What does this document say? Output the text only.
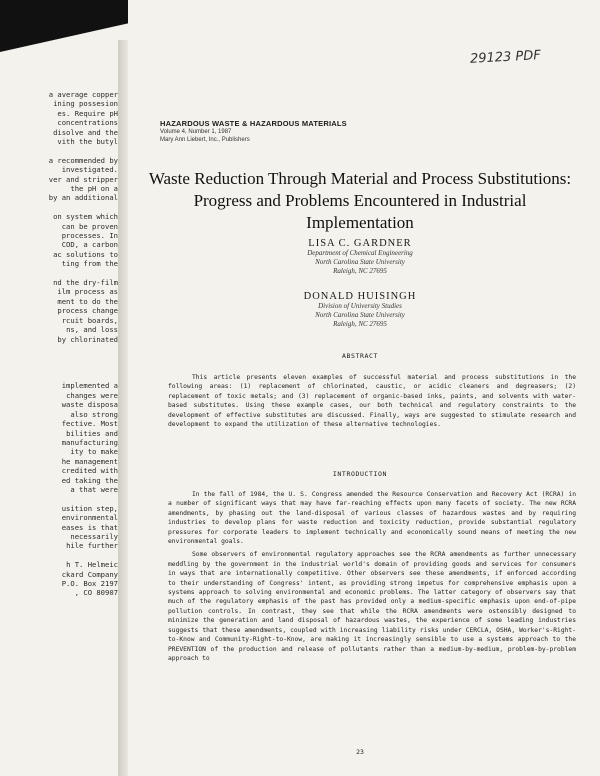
a average copper
ining possesion
es. Require pH
concentrations
disolve and the
vith the butyl
a recommended by
investigated.
ver and stripper
the pH on a
by an additional
on system which
can be proven
processes. In
COD, a carbon
ac solutions to
ting from the
nd the dry-film
ilm process as
ment to do the
process change
rcuit boards,
ns, and loss
by chlorinated
implemented a
changes were
waste disposa
also strong
fective. Most
bilities and
manufacturing
ity to make
he management
credited with
ed taking the
a that were
usition step,
environmental
eases is that
necessarily
hile further
h T. Helmeic
ckard Company
P.O. Box 2197
, CO 80907
29123 PDF
HAZARDOUS WASTE & HAZARDOUS MATERIALS
Volume 4, Number 1, 1987
Mary Ann Liebert, Inc., Publishers
Waste Reduction Through Material and Process Substitutions: Progress and Problems Encountered in Industrial Implementation
LISA C. GARDNER
Department of Chemical Engineering
North Carolina State University
Raleigh, NC 27695
DONALD HUISINGH
Division of University Studies
North Carolina State University
Raleigh, NC 27695
ABSTRACT

This article presents eleven examples of successful material and process substitutions in the following areas: (1) replacement of chlorinated, caustic, or acidic cleaners and degreasers; (2) replacement of toxic metals; and (3) replacement of organic-based inks, paints, and solvents with water-based substitutes. Using these example cases, our both technical and regulatory constraints to the development of effective substitutes are discussed. Finally, ways are suggested to stimulate research and development to expand the utilization of these alternative technologies.

INTRODUCTION

In the fall of 1984, the U. S. Congress amended the Resource Conservation and Recovery Act (RCRA) in a number of significant ways that may have far-reaching effects upon many facets of society. The new RCRA amendments, by phasing out the land-disposal of various classes of hazardous wastes and by requiring industries to develop plans for waste reduction and toxicity reduction, provide substantial regulatory pressures for corporate leaders to implement technically and economically sound means of meeting the new environmental goals.

Some observers of environmental regulatory approaches see the RCRA amendments as further unnecessary meddling by the government in the industrial world's domain of providing goods and services for consumers in ways that are internationally competitive. Other observers see these amendments, if enforced according to their understanding of Congress' intent, as providing strong impetus for comprehensive emphasis upon a systems approach to solving environmental and economic problems. The latter category of observers say that much of the regulatory emphasis of the past has provided only a medium-specific emphasis upon end-of-pipe pollution controls. In contrast, they see that while the RCRA amendments were ostensibly designed to minimize the generation and land disposal of hazardous wastes, the experience of some leading industries suggests that these amendments, coupled with increasing liability risks under CERCLA, OSHA, Worker's-Right-to-Know and Community-Right-to-Know, are making it increasingly sensible to use a systems approach to the PREVENTION of the production and release of pollutants rather than a medium-by-medium, problem-by-problem approach to

23
